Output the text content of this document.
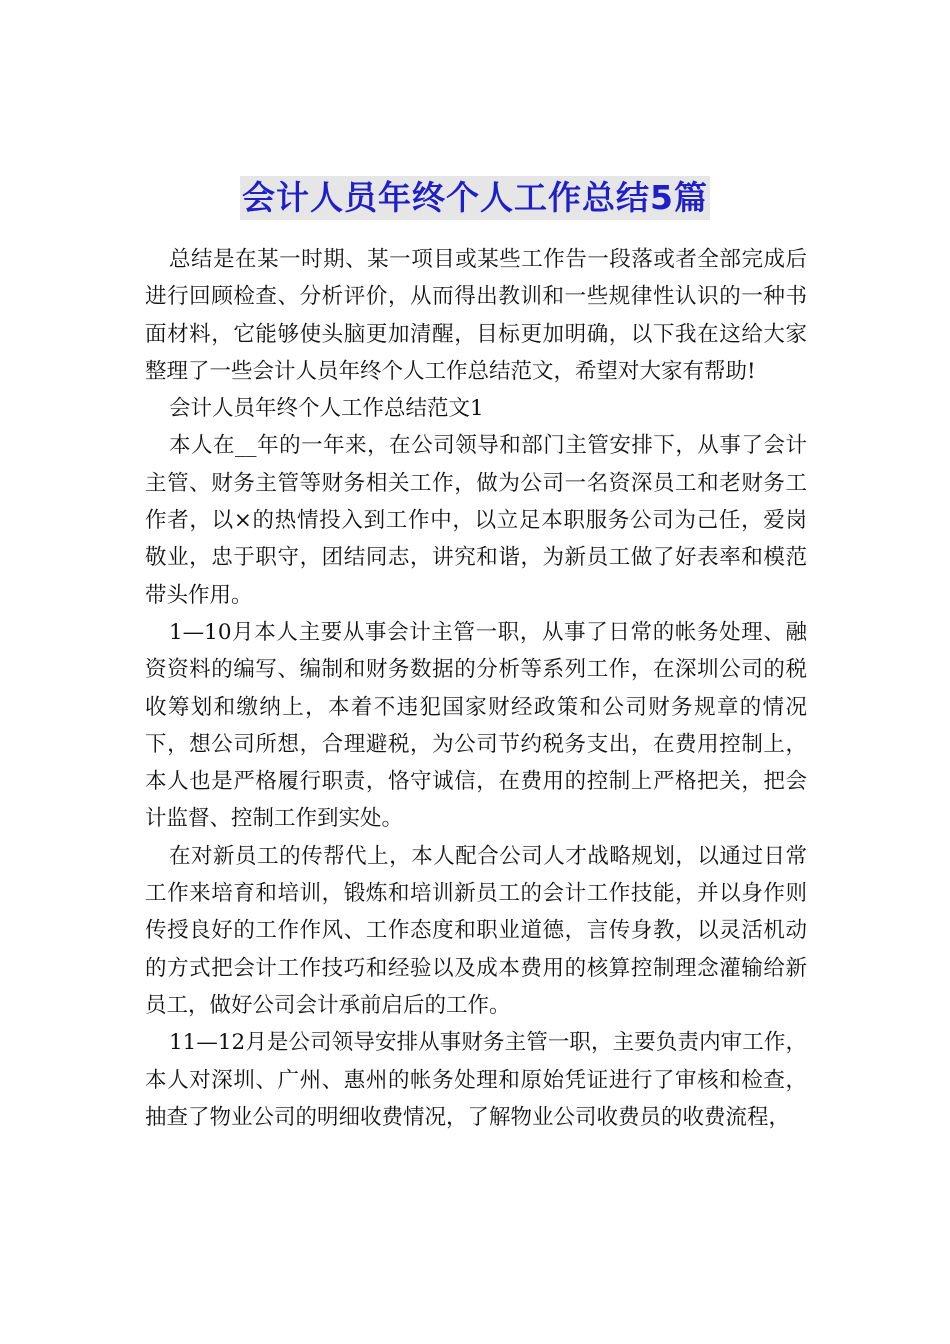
会计人员年终个人工作总结5篇

总结是在某一时期、某一项目或某些工作告一段落或者全部完成后进行回顾检查、分析评价，从而得出教训和一些规律性认识的一种书面材料，它能够使头脑更加清醒，目标更加明确，以下我在这给大家整理了一些会计人员年终个人工作总结范文，希望对大家有帮助!

会计人员年终个人工作总结范文1

本人在__年的一年来，在公司领导和部门主管安排下，从事了会计主管、财务主管等财务相关工作，做为公司一名资深员工和老财务工作者，以×的热情投入到工作中，以立足本职服务公司为己任，爱岗敬业，忠于职守，团结同志，讲究和谐，为新员工做了好表率和模范带头作用。

1—10月本人主要从事会计主管一职，从事了日常的帐务处理、融资资料的编写、编制和财务数据的分析等系列工作，在深圳公司的税收筹划和缴纳上，本着不违犯国家财经政策和公司财务规章的情况下，想公司所想，合理避税，为公司节约税务支出，在费用控制上，本人也是严格履行职责，恪守诚信，在费用的控制上严格把关，把会计监督、控制工作到实处。

在对新员工的传帮代上，本人配合公司人才战略规划，以通过日常工作来培育和培训，锻炼和培训新员工的会计工作技能，并以身作则传授良好的工作作风、工作态度和职业道德，言传身教，以灵活机动的方式把会计工作技巧和经验以及成本费用的核算控制理念灌输给新员工，做好公司会计承前启后的工作。

11—12月是公司领导安排从事财务主管一职，主要负责内审工作，本人对深圳、广州、惠州的帐务处理和原始凭证进行了审核和检查，抽查了物业公司的明细收费情况，了解物业公司收费员的收费流程，
